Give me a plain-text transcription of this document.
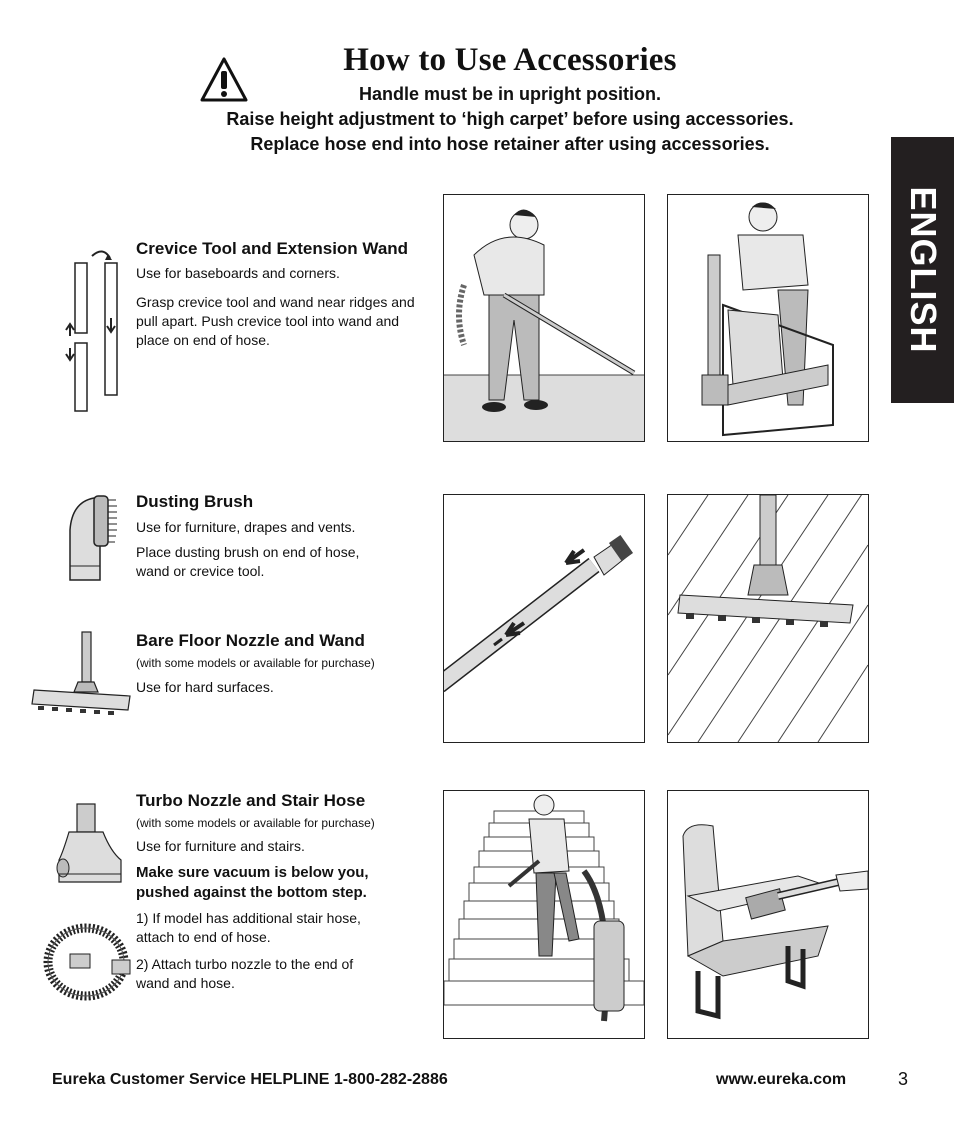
How to Use Accessories
Handle must be in upright position.
Raise height adjustment to ‘high carpet’ before using accessories.
Replace hose end into hose retainer after using accessories.
ENGLISH
Crevice Tool and Extension Wand
Use for baseboards and corners.
Grasp crevice tool and wand near ridges and pull apart. Push crevice tool into wand and place on end of hose.
Dusting Brush
Use for furniture, drapes and vents.
Place dusting brush on end of hose, wand or crevice tool.
Bare Floor Nozzle and Wand
(with some models or available for purchase)
Use for hard surfaces.
Turbo Nozzle and Stair Hose
(with some models or available for purchase)
Use for furniture and stairs.
Make sure vacuum is below you, pushed against the bottom step.
1) If model has additional stair hose, attach to end of hose.
2) Attach turbo nozzle to the end of wand and hose.
Eureka Customer Service HELPLINE 1-800-282-2886	www.eureka.com	3
